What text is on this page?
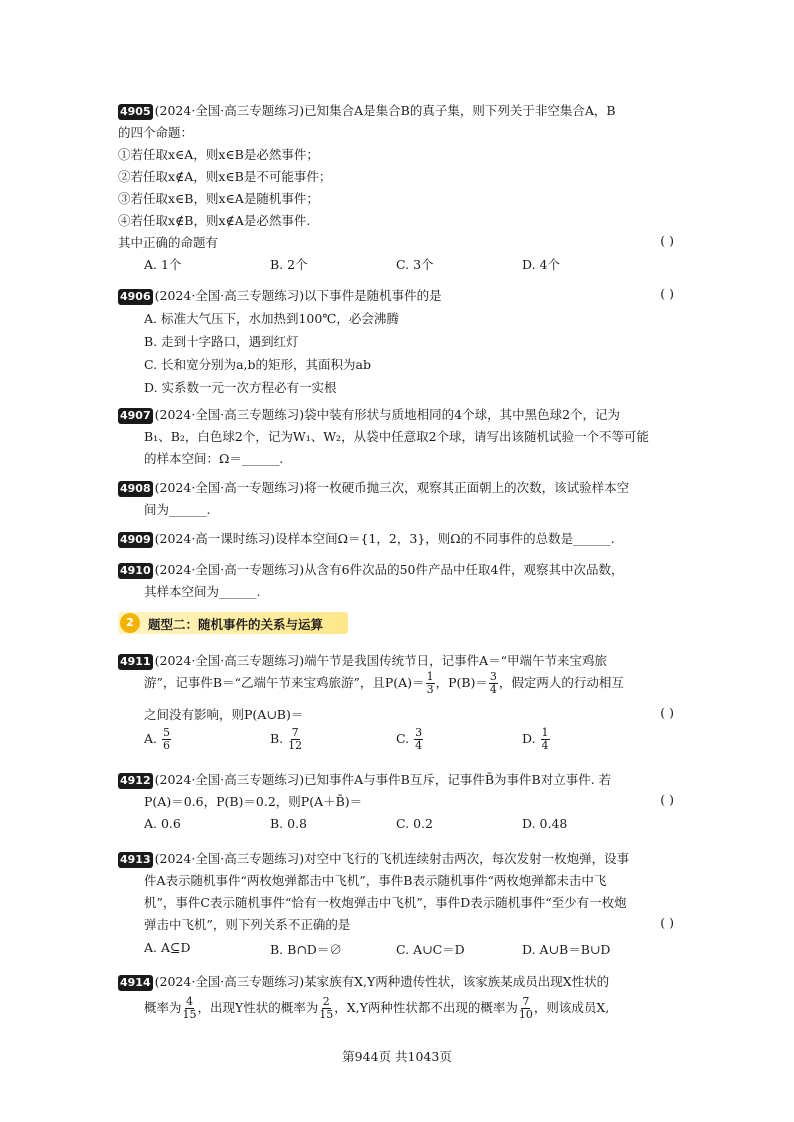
4905 (2024·全国·高三专题练习)已知集合A是集合B的真子集，则下列关于非空集合A，B
的四个命题：
①若任取x∈A，则x∈B是必然事件；
②若任取x∉A，则x∈B是不可能事件；
③若任取x∈B，则x∈A是随机事件；
④若任取x∉B，则x∉A是必然事件.
其中正确的命题有	( )
A. 1个	B. 2个	C. 3个	D. 4个
4906 (2024·全国·高三专题练习)以下事件是随机事件的是	( )
A. 标准大气压下，水加热到100℃，必会沸腾
B. 走到十字路口，遇到红灯
C. 长和宽分别为a,b的矩形，其面积为ab
D. 实系数一元一次方程必有一实根
4907 (2024·全国·高三专题练习)袋中装有形状与质地相同的4个球，其中黑色球2个，记为
B₁、B₂，白色球2个，记为W₁、W₂，从袋中任意取2个球，请写出该随机试验一个不等可能
的样本空间：Ω＝______.
4908 (2024·全国·高一专题练习)将一枚硬币抛三次，观察其正面朝上的次数，该试验样本空
间为______.
4909 (2024·高一课时练习)设样本空间Ω＝{1，2，3}，则Ω的不同事件的总数是______.
4910 (2024·全国·高一专题练习)从含有6件次品的50件产品中任取4件，观察其中次品数，
其样本空间为______.
2	题型二：随机事件的关系与运算
4911 (2024·全国·高三专题练习)端午节是我国传统节日，记事件A＝“甲端午节来宝鸡旅
游”，记事件B＝“乙端午节来宝鸡旅游”，且$P(A)= \frac{1}{3}$ ，$P(B)= \frac{3}{4}$ ，假定两人的行动相互
之间没有影响，则P(A∪B)＝	( )
A. $\frac{5}{6}$	B. $\frac{7}{12}$	C. $\frac{3}{4}$	D. $\frac{1}{4}$
4912 (2024·全国·高三专题练习)已知事件A与事件B互斥，记事件B̄为事件B对立事件. 若
P(A)＝0.6，P(B)＝0.2，则P(A＋B̄)＝	( )
A. 0.6	B. 0.8	C. 0.2	D. 0.48
4913 (2024·全国·高三专题练习)对空中飞行的飞机连续射击两次，每次发射一枚炮弹，设事
件A表示随机事件“两枚炮弹都击中飞机”，事件B表示随机事件“两枚炮弹都未击中飞
机”，事件C表示随机事件“恰有一枚炮弹击中飞机”，事件D表示随机事件“至少有一枚炮
弹击中飞机”，则下列关系不正确的是	( )
A. A⊆D	B. B∩D＝∅	C. A∪C＝D	D. A∪B＝B∪D
4914 (2024·全国·高三专题练习)某家族有X,Y两种遗传性状，该家族某成员出现X性状的
概率为 $\frac{4}{15}$ ，出现Y性状的概率为 $\frac{2}{15}$ ，X,Y两种性状都不出现的概率为 $\frac{7}{10}$ ，则该成员X,
第944页 共1043页
